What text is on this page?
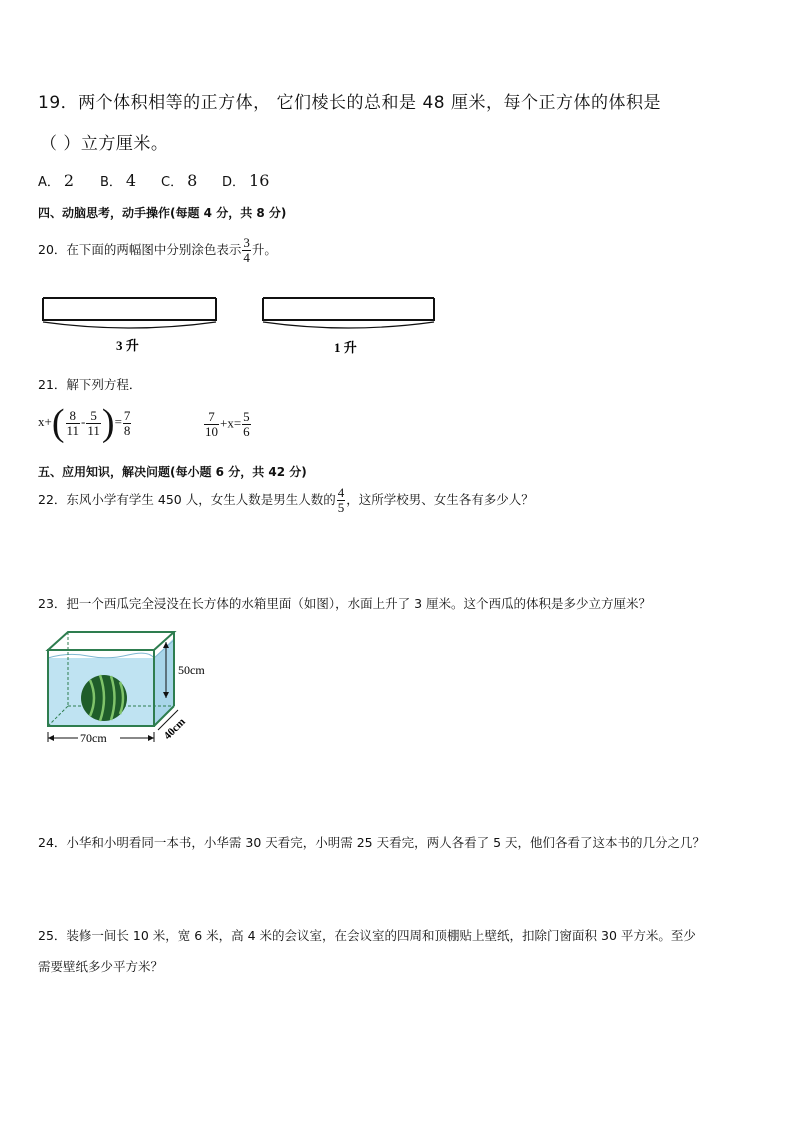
19．两个体积相等的正方体， 它们棱长的总和是 48 厘米，每个正方体的体积是
（ ）立方厘米。
A． 2 B． 4 C． 8 D． 16
四、动脑思考，动手操作(每题 4 分，共 8 分)
20．在下面的两幅图中分别涂色表示 $\frac{3}{4}$ 升。
3 升	1 升
21．解下列方程．
$x+( \frac{8}{11} - \frac{5}{11}$ )= $\frac{7}{8}$	$\frac{7}{10} +x= \frac{5}{6}$
五、应用知识，解决问题(每小题 6 分，共 42 分)
22．东风小学有学生 450 人，女生人数是男生人数的 $\frac{4}{5}$ ，这所学校男、女生各有多少人？
23．把一个西瓜完全浸没在长方体的水箱里面（如图），水面上升了 3 厘米。这个西瓜的体积是多少立方厘米？
50cm
70cm	40cm
24．小华和小明看同一本书，小华需 30 天看完，小明需 25 天看完，两人各看了 5 天，他们各看了这本书的几分之几？
25．装修一间长 10 米，宽 6 米，高 4 米的会议室，在会议室的四周和顶棚贴上壁纸，扣除门窗面积 30 平方米。至少
需要壁纸多少平方米？
